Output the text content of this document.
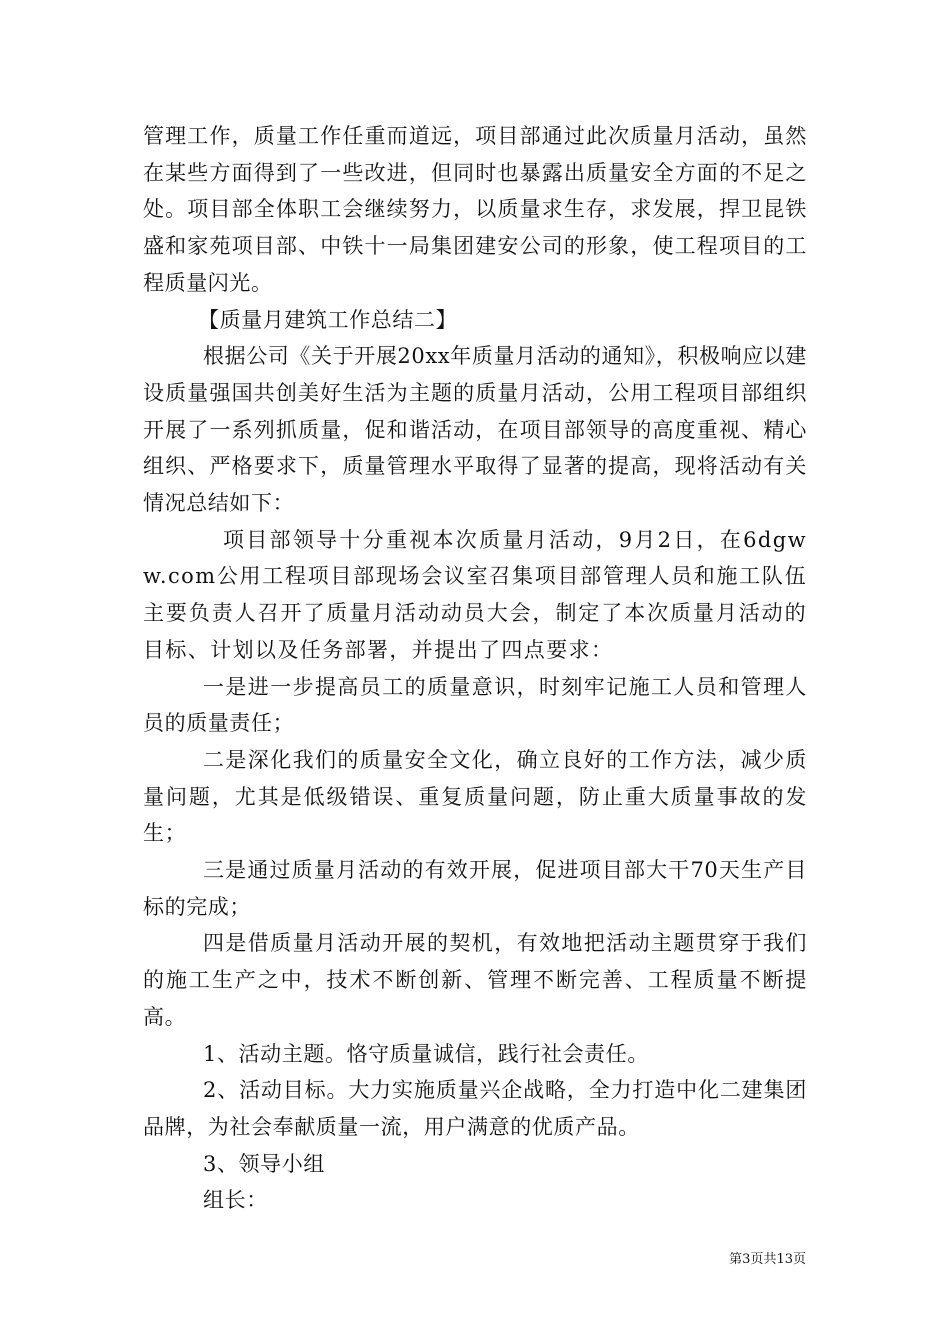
管理工作，质量工作任重而道远，项目部通过此次质量月活动，虽然在某些方面得到了一些改进，但同时也暴露出质量安全方面的不足之处。项目部全体职工会继续努力，以质量求生存，求发展，捍卫昆铁盛和家苑项目部、中铁十一局集团建安公司的形象，使工程项目的工程质量闪光。

【质量月建筑工作总结二】

根据公司《关于开展20xx年质量月活动的通知》，积极响应以建设质量强国共创美好生活为主题的质量月活动，公用工程项目部组织开展了一系列抓质量，促和谐活动，在项目部领导的高度重视、精心组织、严格要求下，质量管理水平取得了显著的提高，现将活动有关情况总结如下：

项目部领导十分重视本次质量月活动，9月2日，在6dgww.com公用工程项目部现场会议室召集项目部管理人员和施工队伍主要负责人召开了质量月活动动员大会，制定了本次质量月活动的目标、计划以及任务部署，并提出了四点要求：

一是进一步提高员工的质量意识，时刻牢记施工人员和管理人员的质量责任；

二是深化我们的质量安全文化，确立良好的工作方法，减少质量问题，尤其是低级错误、重复质量问题，防止重大质量事故的发生；

三是通过质量月活动的有效开展，促进项目部大干70天生产目标的完成；

四是借质量月活动开展的契机，有效地把活动主题贯穿于我们的施工生产之中，技术不断创新、管理不断完善、工程质量不断提高。

1、活动主题。恪守质量诚信，践行社会责任。

2、活动目标。大力实施质量兴企战略，全力打造中化二建集团品牌，为社会奉献质量一流，用户满意的优质产品。

3、领导小组

组长：

第3页共13页
